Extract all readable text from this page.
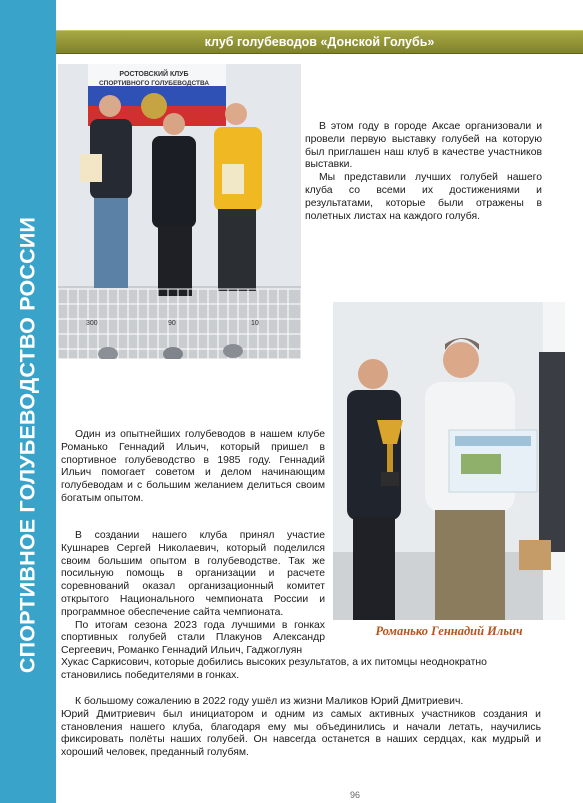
СПОРТИВНОЕ ГОЛУБЕВОДСТВО РОССИИ
клуб голубеводов «Донской Голубь»
РОСТОВСКИЙ КЛУБ
СПОРТИВНОГО ГОЛУБЕВОДСТВА
300	90	10
Романько Геннадий Ильич

В этом году в городе Аксае организовали и провели первую выставку голубей на которую был приглашен наш клуб в качестве участников выставки.

Мы представили лучших голубей нашего клуба со всеми их достижениями и результатами, которые были отражены в полетных листах на каждого голубя.

Один из опытнейших голубеводов в нашем клубе Романько Геннадий Ильич, который пришел в спортивное голубеводство в 1985 году. Геннадий Ильич помогает советом и делом начинающим голубеводам и с большим желанием делиться своим богатым опытом.

В создании нашего клуба принял участие Кушнарев Сергей Николаевич, который поделился своим большим опытом в голубеводстве. Так же посильную помощь в организации и расчете соревнований оказал организационный комитет открытого Национального чемпионата России и программное обеспечение сайта чемпионата.

По итогам сезона 2023 года лучшими в гонках спортивных голубей стали Плакунов Александр Сергеевич, Романко Геннадий Ильич, Гаджоглуян

Хукас Саркисович, которые добились высоких результатов, а их питомцы неоднократно становились победителями в гонках.

К большому сожалению в 2022 году ушёл из жизни Маликов Юрий Дмитриевич.

Юрий Дмитриевич был инициатором и одним из самых активных участников создания и становления нашего клуба, благодаря ему мы объединились и начали летать, научились фиксировать полёты наших голубей. Он навсегда останется в наших сердцах, как мудрый и хороший человек, преданный голубям.

96
